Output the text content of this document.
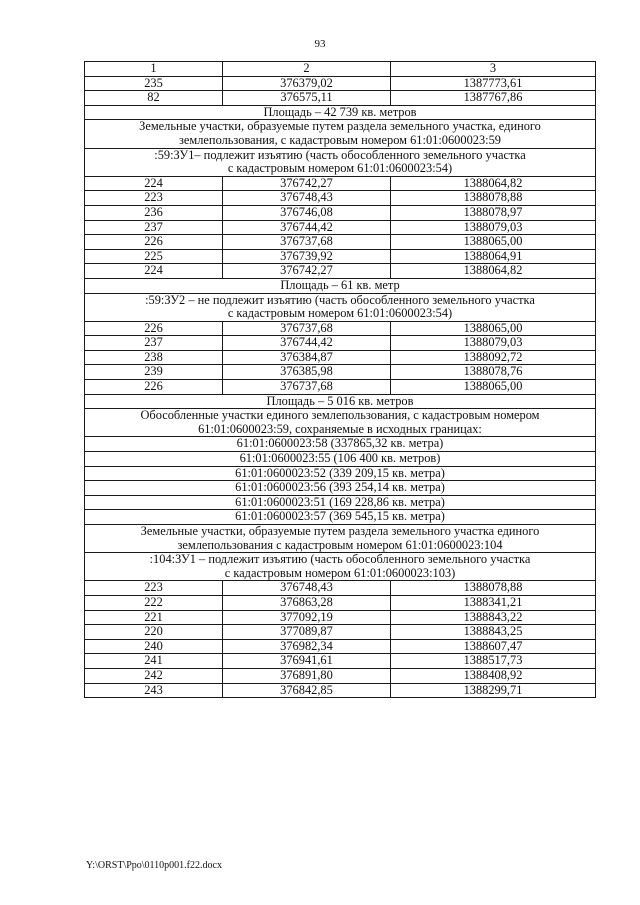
93
1	2	3
235	376379,02	1387773,61
82	376575,11	1387767,86

Площадь – 42 739 кв. метров		

Земельные участки, образуемые путем раздела земельного участка, единого
землепользования, с кадастровым номером 61:01:0600023:59		

:59:ЗУ1– подлежит изъятию (часть обособленного земельного участка
с кадастровым номером 61:01:0600023:54)		

224	376742,27	1388064,82
223	376748,43	1388078,88
236	376746,08	1388078,97
237	376744,42	1388079,03
226	376737,68	1388065,00
225	376739,92	1388064,91
224	376742,27	1388064,82

Площадь – 61 кв. метр		

:59:ЗУ2 – не подлежит изъятию (часть обособленного земельного участка
с кадастровым номером 61:01:0600023:54)		

226	376737,68	1388065,00
237	376744,42	1388079,03
238	376384,87	1388092,72
239	376385,98	1388078,76
226	376737,68	1388065,00

Площадь – 5 016 кв. метров		

Обособленные участки единого землепользования, с кадастровым номером
61:01:0600023:59, сохраняемые в исходных границах:		

61:01:0600023:58 (337865,32 кв. метра)		

61:01:0600023:55 (106 400 кв. метров)		

61:01:0600023:52 (339 209,15 кв. метра)		

61:01:0600023:56 (393 254,14 кв. метра)		

61:01:0600023:51 (169 228,86 кв. метра)		

61:01:0600023:57 (369 545,15 кв. метра)		

Земельные участки, образуемые путем раздела земельного участка единого
землепользования с кадастровым номером 61:01:0600023:104		

:104:ЗУ1 – подлежит изъятию (часть обособленного земельного участка
с кадастровым номером 61:01:0600023:103)		

223	376748,43	1388078,88
222	376863,28	1388341,21
221	377092,19	1388843,22
220	377089,87	1388843,25
240	376982,34	1388607,47
241	376941,61	1388517,73
242	376891,80	1388408,92
243	376842,85	1388299,71
Y:\ORST\Ppo\0110p001.f22.docx
